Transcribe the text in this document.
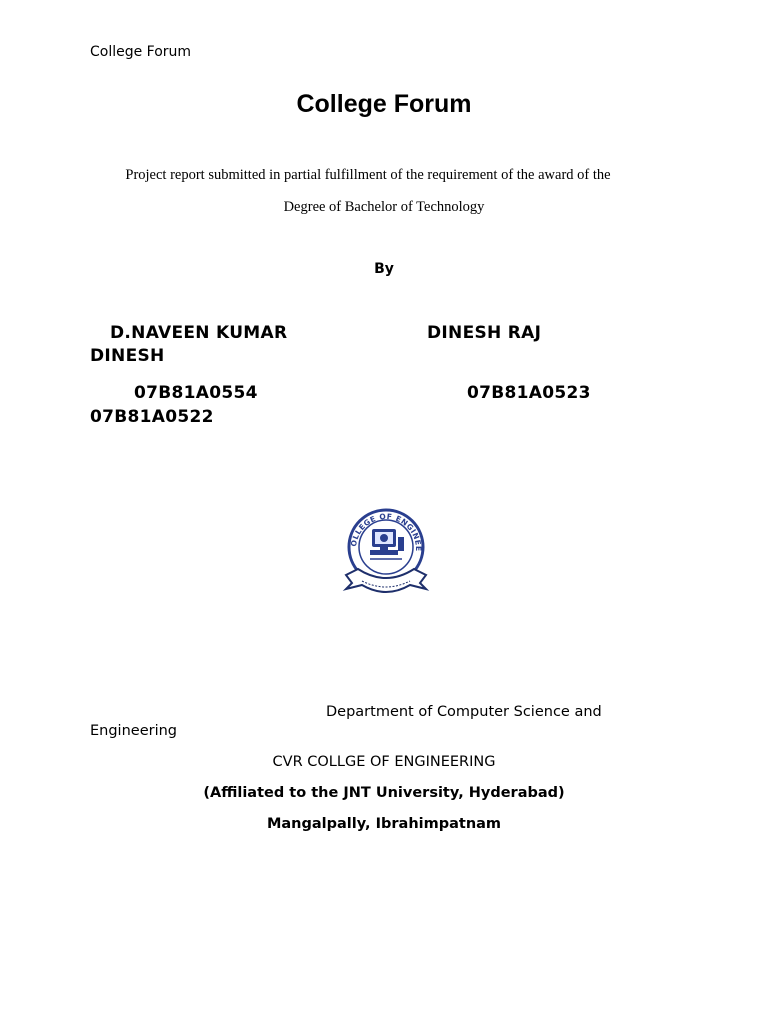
College Forum
College Forum
Project report submitted in partial fulfillment of the requirement of the award of the
Degree of Bachelor of Technology
By
D.NAVEEN KUMAR	DINESH RAJ
DINESH
07B81A0554	07B81A0523
07B81A0522
OLLEGE OF ENGINEE
Department of Computer Science and
Engineering
CVR COLLGE OF ENGINEERING
(Affiliated to the JNT University, Hyderabad)
Mangalpally, Ibrahimpatnam
